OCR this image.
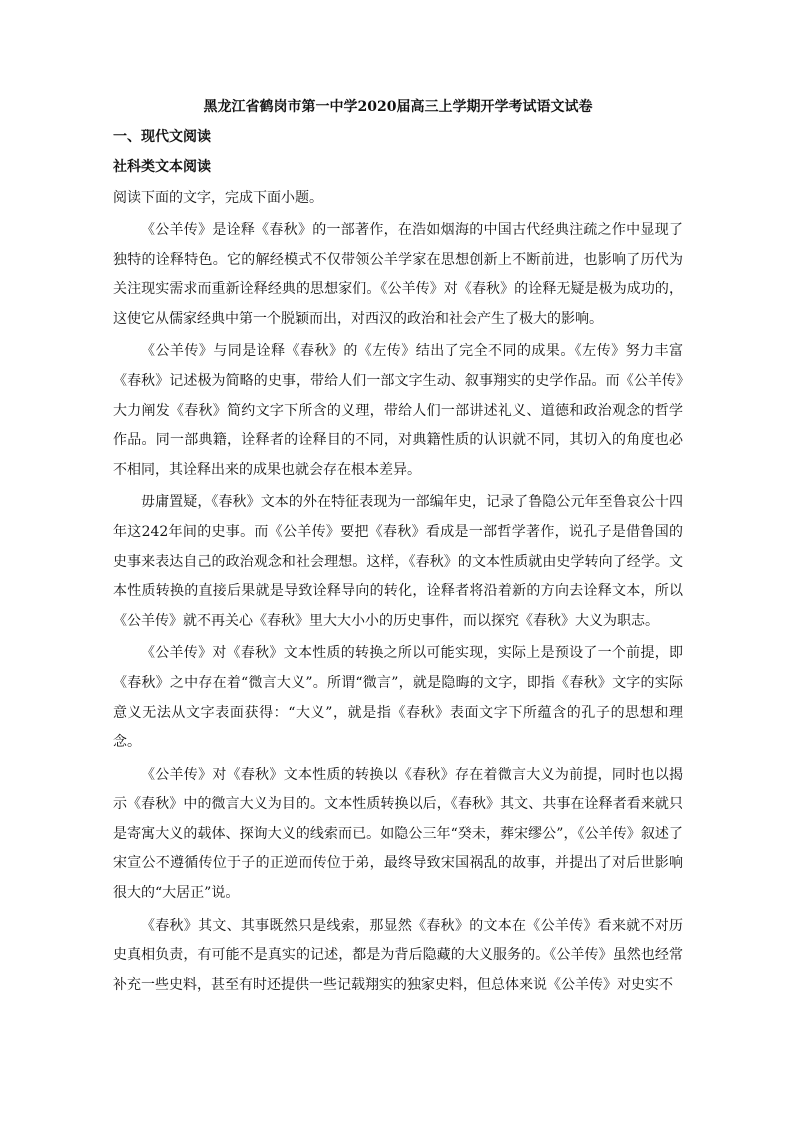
黑龙江省鹤岗市第一中学2020届高三上学期开学考试语文试卷
一、现代文阅读
社科类文本阅读
阅读下面的文字，完成下面小题。

《公羊传》是诠释《春秋》的一部著作，在浩如烟海的中国古代经典注疏之作中显现了独特的诠释特色。它的解经模式不仅带领公羊学家在思想创新上不断前进，也影响了历代为关注现实需求而重新诠释经典的思想家们。《公羊传》对《春秋》的诠释无疑是极为成功的，这使它从儒家经典中第一个脱颖而出，对西汉的政治和社会产生了极大的影响。

《公羊传》与同是诠释《春秋》的《左传》结出了完全不同的成果。《左传》努力丰富《春秋》记述极为简略的史事，带给人们一部文字生动、叙事翔实的史学作品。而《公羊传》大力阐发《春秋》简约文字下所含的义理，带给人们一部讲述礼义、道德和政治观念的哲学作品。同一部典籍，诠释者的诠释目的不同，对典籍性质的认识就不同，其切入的角度也必不相同，其诠释出来的成果也就会存在根本差异。

毋庸置疑，《春秋》文本的外在特征表现为一部编年史，记录了鲁隐公元年至鲁哀公十四年这242年间的史事。而《公羊传》要把《春秋》看成是一部哲学著作，说孔子是借鲁国的史事来表达自己的政治观念和社会理想。这样，《春秋》的文本性质就由史学转向了经学。文本性质转换的直接后果就是导致诠释导向的转化，诠释者将沿着新的方向去诠释文本，所以《公羊传》就不再关心《春秋》里大大小小的历史事件，而以探究《春秋》大义为职志。

《公羊传》对《春秋》文本性质的转换之所以可能实现，实际上是预设了一个前提，即《春秋》之中存在着“微言大义”。所谓“微言”，就是隐晦的文字，即指《春秋》文字的实际意义无法从文字表面获得：“大义”，就是指《春秋》表面文字下所蕴含的孔子的思想和理念。

《公羊传》对《春秋》文本性质的转换以《春秋》存在着微言大义为前提，同时也以揭示《春秋》中的微言大义为目的。文本性质转换以后，《春秋》其文、共事在诠释者看来就只是寄寓大义的载体、探询大义的线索而已。如隐公三年“癸未，葬宋缪公”，《公羊传》叙述了宋宣公不遵循传位于子的正逆而传位于弟，最终导致宋国祸乱的故事，并提出了对后世影响很大的“大居正”说。

《春秋》其文、其事既然只是线索，那显然《春秋》的文本在《公羊传》看来就不对历史真相负责，有可能不是真实的记述，都是为背后隐藏的大义服务的。《公羊传》虽然也经常补充一些史料，甚至有时还提供一些记载翔实的独家史料，但总体来说《公羊传》对史实不
